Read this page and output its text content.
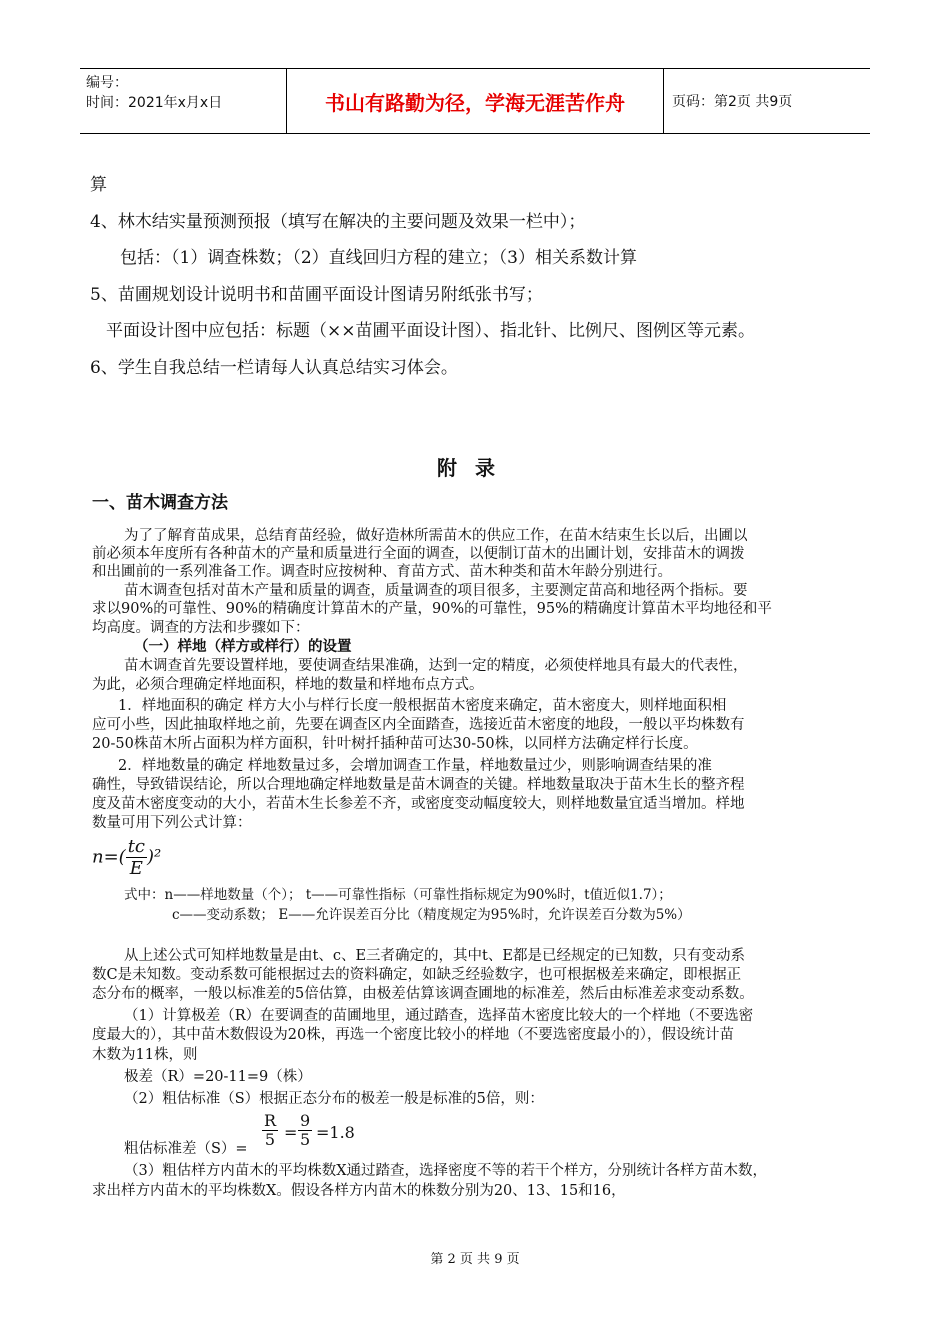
编号：
时间：2021年x月x日	书山有路勤为径，学海无涯苦作舟	页码：第2页 共9页
算
4、林木结实量预测预报（填写在解决的主要问题及效果一栏中）；
包括：（1）调查株数；（2）直线回归方程的建立；（3）相关系数计算
5、苗圃规划设计说明书和苗圃平面设计图请另附纸张书写；
平面设计图中应包括：标题（××苗圃平面设计图）、指北针、比例尺、图例区等元素。
6、学生自我总结一栏请每人认真总结实习体会。
附录
一、苗木调查方法
为了了解育苗成果，总结育苗经验，做好造林所需苗木的供应工作，在苗木结束生长以后，出圃以
前必须本年度所有各种苗木的产量和质量进行全面的调查，以便制订苗木的出圃计划，安排苗木的调拨
和出圃前的一系列准备工作。调查时应按树种、育苗方式、苗木种类和苗木年龄分别进行。
苗木调查包括对苗木产量和质量的调查，质量调查的项目很多，主要测定苗高和地径两个指标。要
求以90%的可靠性、90%的精确度计算苗木的产量，90%的可靠性，95%的精确度计算苗木平均地径和平
均高度。调查的方法和步骤如下：
（一）样地（样方或样行）的设置
苗木调查首先要设置样地，要使调查结果准确，达到一定的精度，必须使样地具有最大的代表性，
为此，必须合理确定样地面积，样地的数量和样地布点方式。
1．样地面积的确定 样方大小与样行长度一般根据苗木密度来确定，苗木密度大，则样地面积相
应可小些，因此抽取样地之前，先要在调查区内全面踏查，选接近苗木密度的地段，一般以平均株数有
20-50株苗木所占面积为样方面积，针叶树扦插种苗可达30-50株，以同样方法确定样行长度。
2．样地数量的确定 样地数量过多，会增加调查工作量，样地数量过少，则影响调查结果的准
确性，导致错误结论，所以合理地确定样地数量是苗木调查的关键。样地数量取决于苗木生长的整齐程
度及苗木密度变动的大小，若苗木生长参差不齐，或密度变动幅度较大，则样地数量宜适当增加。样地
数量可用下列公式计算：
$n=( \frac{tc}{E} )^2$
式中：n——样地数量（个）； t——可靠性指标（可靠性指标规定为90%时，t值近似1.7）；
c——变动系数； E——允许误差百分比（精度规定为95%时，允许误差百分数为5%）
从上述公式可知样地数量是由t、c、E三者确定的，其中t、E都是已经规定的已知数，只有变动系
数C是未知数。变动系数可能根据过去的资料确定，如缺乏经验数字，也可根据极差来确定，即根据正
态分布的概率，一般以标准差的5倍估算，由极差估算该调查圃地的标准差，然后由标准差求变动系数。
（1）计算极差（R）在要调查的苗圃地里，通过踏查，选择苗木密度比较大的一个样地（不要选密
度最大的），其中苗木数假设为20株，再选一个密度比较小的样地（不要选密度最小的），假设统计苗
木数为11株，则
极差（R）=20-11=9（株）
（2）粗估标准（S）根据正态分布的极差一般是标准的5倍，则：
粗估标准差$(S)= \frac{R}{5} = \frac{9}{5} =1.8$
（3）粗估样方内苗木的平均株数X通过踏查，选择密度不等的若干个样方，分别统计各样方苗木数，
求出样方内苗木的平均株数X。假设各样方内苗木的株数分别为20、13、15和16，
第 2 页 共 9 页
